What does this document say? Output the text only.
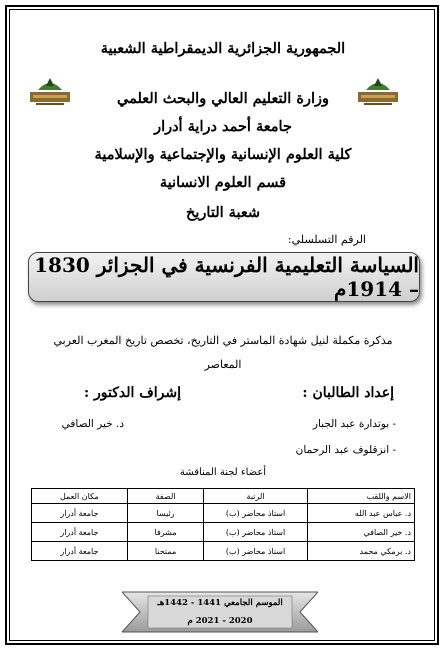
الجمهورية الجزائرية الديمقراطية الشعبية
وزارة التعليم العالي والبحث العلمي
جامعة أحمد دراية أدرار
كلية العلوم الإنسانية والإجتماعية والإسلامية
قسم العلوم الانسانية
شعبة التاريخ
الرقم التسلسلي:
السياسة التعليمية الفرنسية في الجزائر 1830 – 1914م
مذكرة مكملة لنيل شهادة الماستر في التاريخ، تخصص تاريخ المغرب العربي
المعاصر
إعداد الطالبان :
إشراف الدكتور :
- بوتدارة عبد الجبار
- انزقلوف عبد الرحمان
د. خير الصافي
أعضاء لجنة المناقشة
الاسم واللقب	الرتبة	الصفة	مكان العمل
د. عباس عبد الله	استاذ محاضر (ب)	رئيسا	جامعة أدرار
د. خير الصافي	استاذ محاضر (ب)	مشرفا	جامعة أدرار
د. برمكي محمد	استاذ محاضر (ب)	ممتحنا	جامعة أدرار
الموسم الجامعي 1441 - 1442هـ
2020 - 2021 م
